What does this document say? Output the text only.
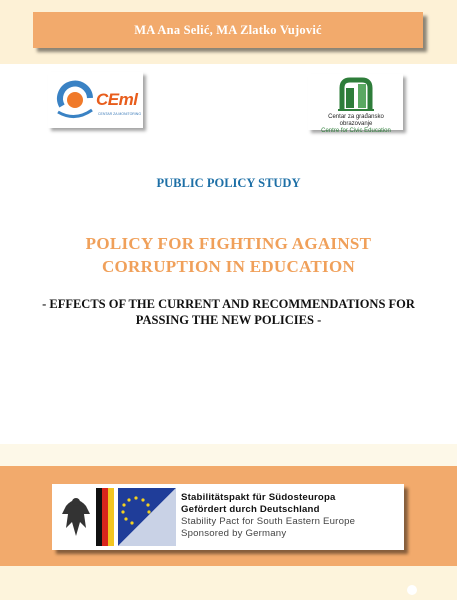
MA Ana Selić, MA Zlatko Vujović
CEml
CENTAR ZA MONITORING	Centar za građansko obrazovanje
Centre for Civic Education
PUBLIC POLICY STUDY
POLICY FOR FIGHTING AGAINST CORRUPTION IN EDUCATION
- EFFECTS OF THE CURRENT AND RECOMMENDATIONS FOR PASSING THE NEW POLICIES -
Stabilitätspakt für Südosteuropa
Gefördert durch Deutschland
Stability Pact for South Eastern Europe
Sponsored by Germany
